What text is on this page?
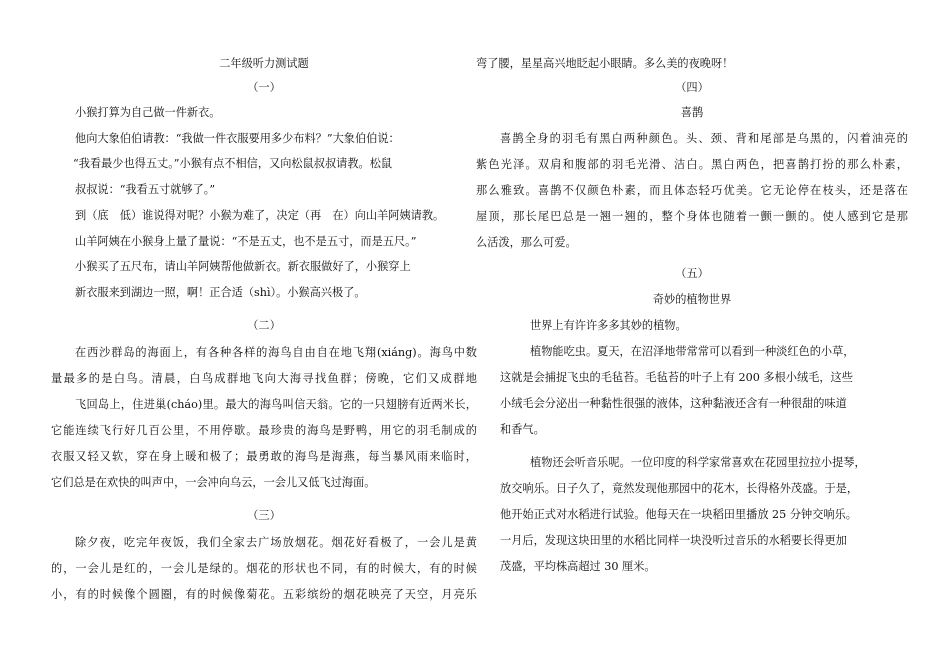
二年级听力测试题
（一）
小猴打算为自己做一件新衣。
他向大象伯伯请教：“我做一件衣服要用多少布料？”大象伯伯说：
“我看最少也得五丈。”小猴有点不相信，又向松鼠叔叔请教。松鼠
叔叔说：“我看五寸就够了。”
到（底　低）谁说得对呢？小猴为难了，决定（再　在）向山羊阿姨请教。
山羊阿姨在小猴身上量了量说：“不是五丈，也不是五寸，而是五尺。”
小猴买了五尺布，请山羊阿姨帮他做新衣。新衣服做好了，小猴穿上
新衣服来到湖边一照，啊！正合适（shì）。小猴高兴极了。
（二）
在西沙群岛的海面上，有各种各样的海鸟自由自在地飞翔(xiáng)。海鸟中数
量最多的是白鸟。清晨，白鸟成群地飞向大海寻找鱼群；傍晚，它们又成群地
飞回岛上，住进巢(cháo)里。最大的海鸟叫信天翁。它的一只翅膀有近两米长，
它能连续飞行好几百公里，不用停歇。最珍贵的海鸟是野鸭，用它的羽毛制成的
衣服又轻又软，穿在身上暖和极了；最勇敢的海鸟是海燕，每当暴风雨来临时，
它们总是在欢快的叫声中，一会冲向乌云，一会儿又低飞过海面。
（三）
除夕夜，吃完年夜饭，我们全家去广场放烟花。烟花好看极了，一会儿是黄
的，一会儿是红的，一会儿是绿的。烟花的形状也不同，有的时候大，有的时候
小，有的时候像个圆圈，有的时候像菊花。五彩缤纷的烟花映亮了天空，月亮乐
弯了腰，星星高兴地眨起小眼睛。多么美的夜晚呀！
（四）
喜鹊
喜鹊全身的羽毛有黑白两种颜色。头、颈、背和尾部是乌黑的，闪着油亮的
紫色光泽。双肩和腹部的羽毛光滑、洁白。黑白两色，把喜鹊打扮的那么朴素，
那么雅致。喜鹊不仅颜色朴素，而且体态轻巧优美。它无论停在枝头，还是落在
屋顶，那长尾巴总是一翘一翘的，整个身体也随着一颤一颤的。使人感到它是那
么活泼，那么可爱。
（五）
奇妙的植物世界
世界上有许许多多其妙的植物。
植物能吃虫。夏天，在沼泽地带常常可以看到一种淡红色的小草，
这就是会捕捉飞虫的毛毡苔。毛毡苔的叶子上有 200 多根小绒毛，这些
小绒毛会分泌出一种黏性很强的液体，这种黏液还含有一种很甜的味道
和香气。
植物还会听音乐呢。一位印度的科学家常喜欢在花园里拉拉小提琴，
放交响乐。日子久了，竟然发现他那园中的花木，长得格外茂盛。于是，
他开始正式对水稻进行试验。他每天在一块稻田里播放 25 分钟交响乐。
一月后，发现这块田里的水稻比同样一块没听过音乐的水稻要长得更加
茂盛，平均株高超过 30 厘米。
